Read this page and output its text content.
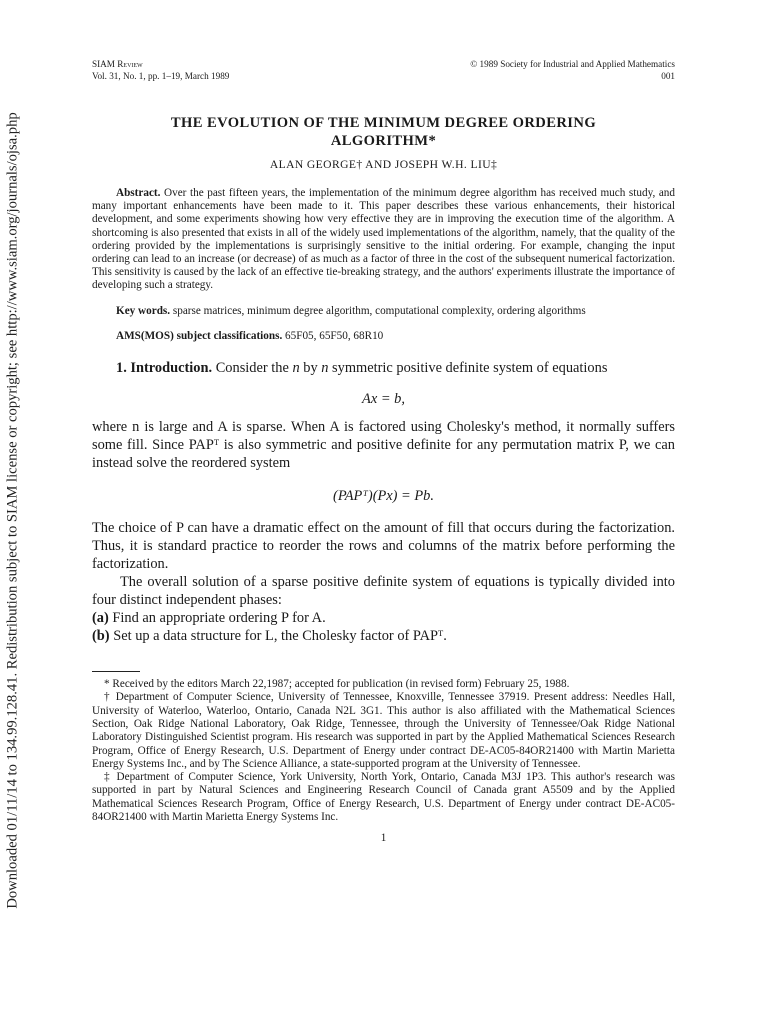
Downloaded 01/11/14 to 134.99.128.41. Redistribution subject to SIAM license or copyright; see http://www.siam.org/journals/ojsa.php
SIAM Review
Vol. 31, No. 1, pp. 1–19, March 1989
© 1989 Society for Industrial and Applied Mathematics
001
THE EVOLUTION OF THE MINIMUM DEGREE ORDERING
ALGORITHM*
ALAN GEORGE† AND JOSEPH W.H. LIU‡
Abstract. Over the past fifteen years, the implementation of the minimum degree algorithm has received much study, and many important enhancements have been made to it. This paper describes these various enhancements, their historical development, and some experiments showing how very effective they are in improving the execution time of the algorithm. A shortcoming is also presented that exists in all of the widely used implementations of the algorithm, namely, that the quality of the ordering provided by the implementations is surprisingly sensitive to the initial ordering. For example, changing the input ordering can lead to an increase (or decrease) of as much as a factor of three in the cost of the subsequent numerical factorization. This sensitivity is caused by the lack of an effective tie-breaking strategy, and the authors' experiments illustrate the importance of developing such a strategy.
Key words. sparse matrices, minimum degree algorithm, computational complexity, ordering algorithms
AMS(MOS) subject classifications. 65F05, 65F50, 68R10
1. Introduction. Consider the n by n symmetric positive definite system of equations
Ax = b,
where n is large and A is sparse. When A is factored using Cholesky's method, it normally suffers some fill. Since PAPᵀ is also symmetric and positive definite for any permutation matrix P, we can instead solve the reordered system
(PAPᵀ)(Px) = Pb.
The choice of P can have a dramatic effect on the amount of fill that occurs during the factorization. Thus, it is standard practice to reorder the rows and columns of the matrix before performing the factorization.
The overall solution of a sparse positive definite system of equations is typically divided into four distinct independent phases:
(a) Find an appropriate ordering P for A.
(b) Set up a data structure for L, the Cholesky factor of PAPᵀ.

* Received by the editors March 22,1987; accepted for publication (in revised form) February 25, 1988.

† Department of Computer Science, University of Tennessee, Knoxville, Tennessee 37919. Present address: Needles Hall, University of Waterloo, Waterloo, Ontario, Canada N2L 3G1. This author is also affiliated with the Mathematical Sciences Section, Oak Ridge National Laboratory, Oak Ridge, Tennessee, through the University of Tennessee/Oak Ridge National Laboratory Distinguished Scientist program. His research was supported in part by the Applied Mathematical Sciences Research Program, Office of Energy Research, U.S. Department of Energy under contract DE-AC05-84OR21400 with Martin Marietta Energy Systems Inc., and by The Science Alliance, a state-supported program at the University of Tennessee.

‡ Department of Computer Science, York University, North York, Ontario, Canada M3J 1P3. This author's research was supported in part by Natural Sciences and Engineering Research Council of Canada grant A5509 and by the Applied Mathematical Sciences Research Program, Office of Energy Research, U.S. Department of Energy under contract DE-AC05-84OR21400 with Martin Marietta Energy Systems Inc.

1
